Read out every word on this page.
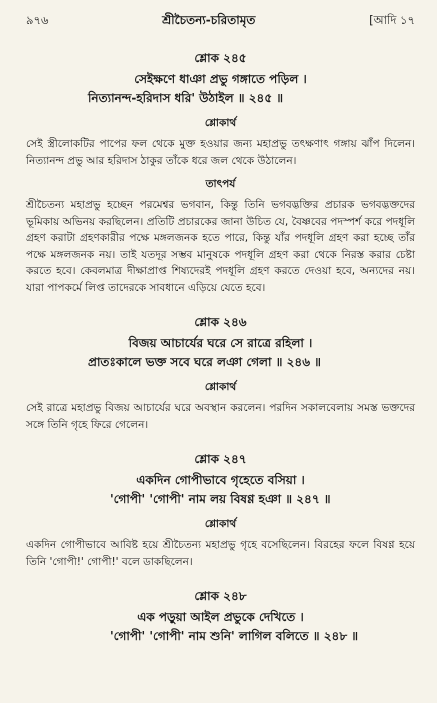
৯৭৬	শ্রীচৈতন্য-চরিতামৃত	[আদি ১৭
শ্লোক ২৪৫
সেইক্ষণে ধাঞা প্রভু গঙ্গাতে পড়িল ।
নিত্যানন্দ-হরিদাস ধরি' উঠাইল ॥ ২৪৫ ॥
শ্লোকার্থ
সেই স্ত্রীলোকটির পাপের ফল থেকে মুক্ত হওয়ার জন্য মহাপ্রভু তৎক্ষণাৎ গঙ্গায় ঝাঁপ দিলেন। নিত্যানন্দ প্রভু আর হরিদাস ঠাকুর তাঁকে ধরে জল থেকে উঠালেন।
তাৎপর্য
শ্রীচৈতন্য মহাপ্রভু হচ্ছেন পরমেশ্বর ভগবান, কিন্তু তিনি ভগবদ্ভক্তির প্রচারক ভগবদ্ভক্তদের ভূমিকায় অভিনয় করছিলেন। প্রতিটি প্রচারকের জানা উচিত যে, বৈষ্ণবের পদস্পর্শ করে পদধূলি গ্রহণ করাটা গ্রহণকারীর পক্ষে মঙ্গলজনক হতে পারে, কিন্তু যাঁর পদধূলি গ্রহণ করা হচ্ছে তাঁর পক্ষে মঙ্গলজনক নয়। তাই যতদূর সম্ভব মানুষকে পদধূলি গ্রহণ করা থেকে নিরস্ত করার চেষ্টা করতে হবে। কেবলমাত্র দীক্ষাপ্রাপ্ত শিষ্যদেরই পদধূলি গ্রহণ করতে দেওয়া হবে, অন্যদের নয়। যারা পাপকর্মে লিপ্ত তাদেরকে সাবধানে এড়িয়ে যেতে হবে।
শ্লোক ২৪৬
বিজয় আচার্যের ঘরে সে রাত্রে রহিলা ।
প্রাতঃকালে ভক্ত সবে ঘরে লঞা গেলা ॥ ২৪৬ ॥
শ্লোকার্থ
সেই রাত্রে মহাপ্রভু বিজয় আচার্যের ঘরে অবস্থান করলেন। পরদিন সকালবেলায় সমস্ত ভক্তদের সঙ্গে তিনি গৃহে ফিরে গেলেন।
শ্লোক ২৪৭
একদিন গোপীভাবে গৃহেতে বসিয়া ।
'গোপী' 'গোপী' নাম লয় বিষণ্ণ হঞা ॥ ২৪৭ ॥
শ্লোকার্থ
একদিন গোপীভাবে আবিষ্ট হয়ে শ্রীচৈতন্য মহাপ্রভু গৃহে বসেছিলেন। বিরহের ফলে বিষণ্ণ হয়ে তিনি 'গোপী!' গোপী!' বলে ডাকছিলেন।
শ্লোক ২৪৮
এক পড়ুয়া আইল প্রভুকে দেখিতে ।
'গোপী' 'গোপী' নাম শুনি' লাগিল বলিতে ॥ ২৪৮ ॥
